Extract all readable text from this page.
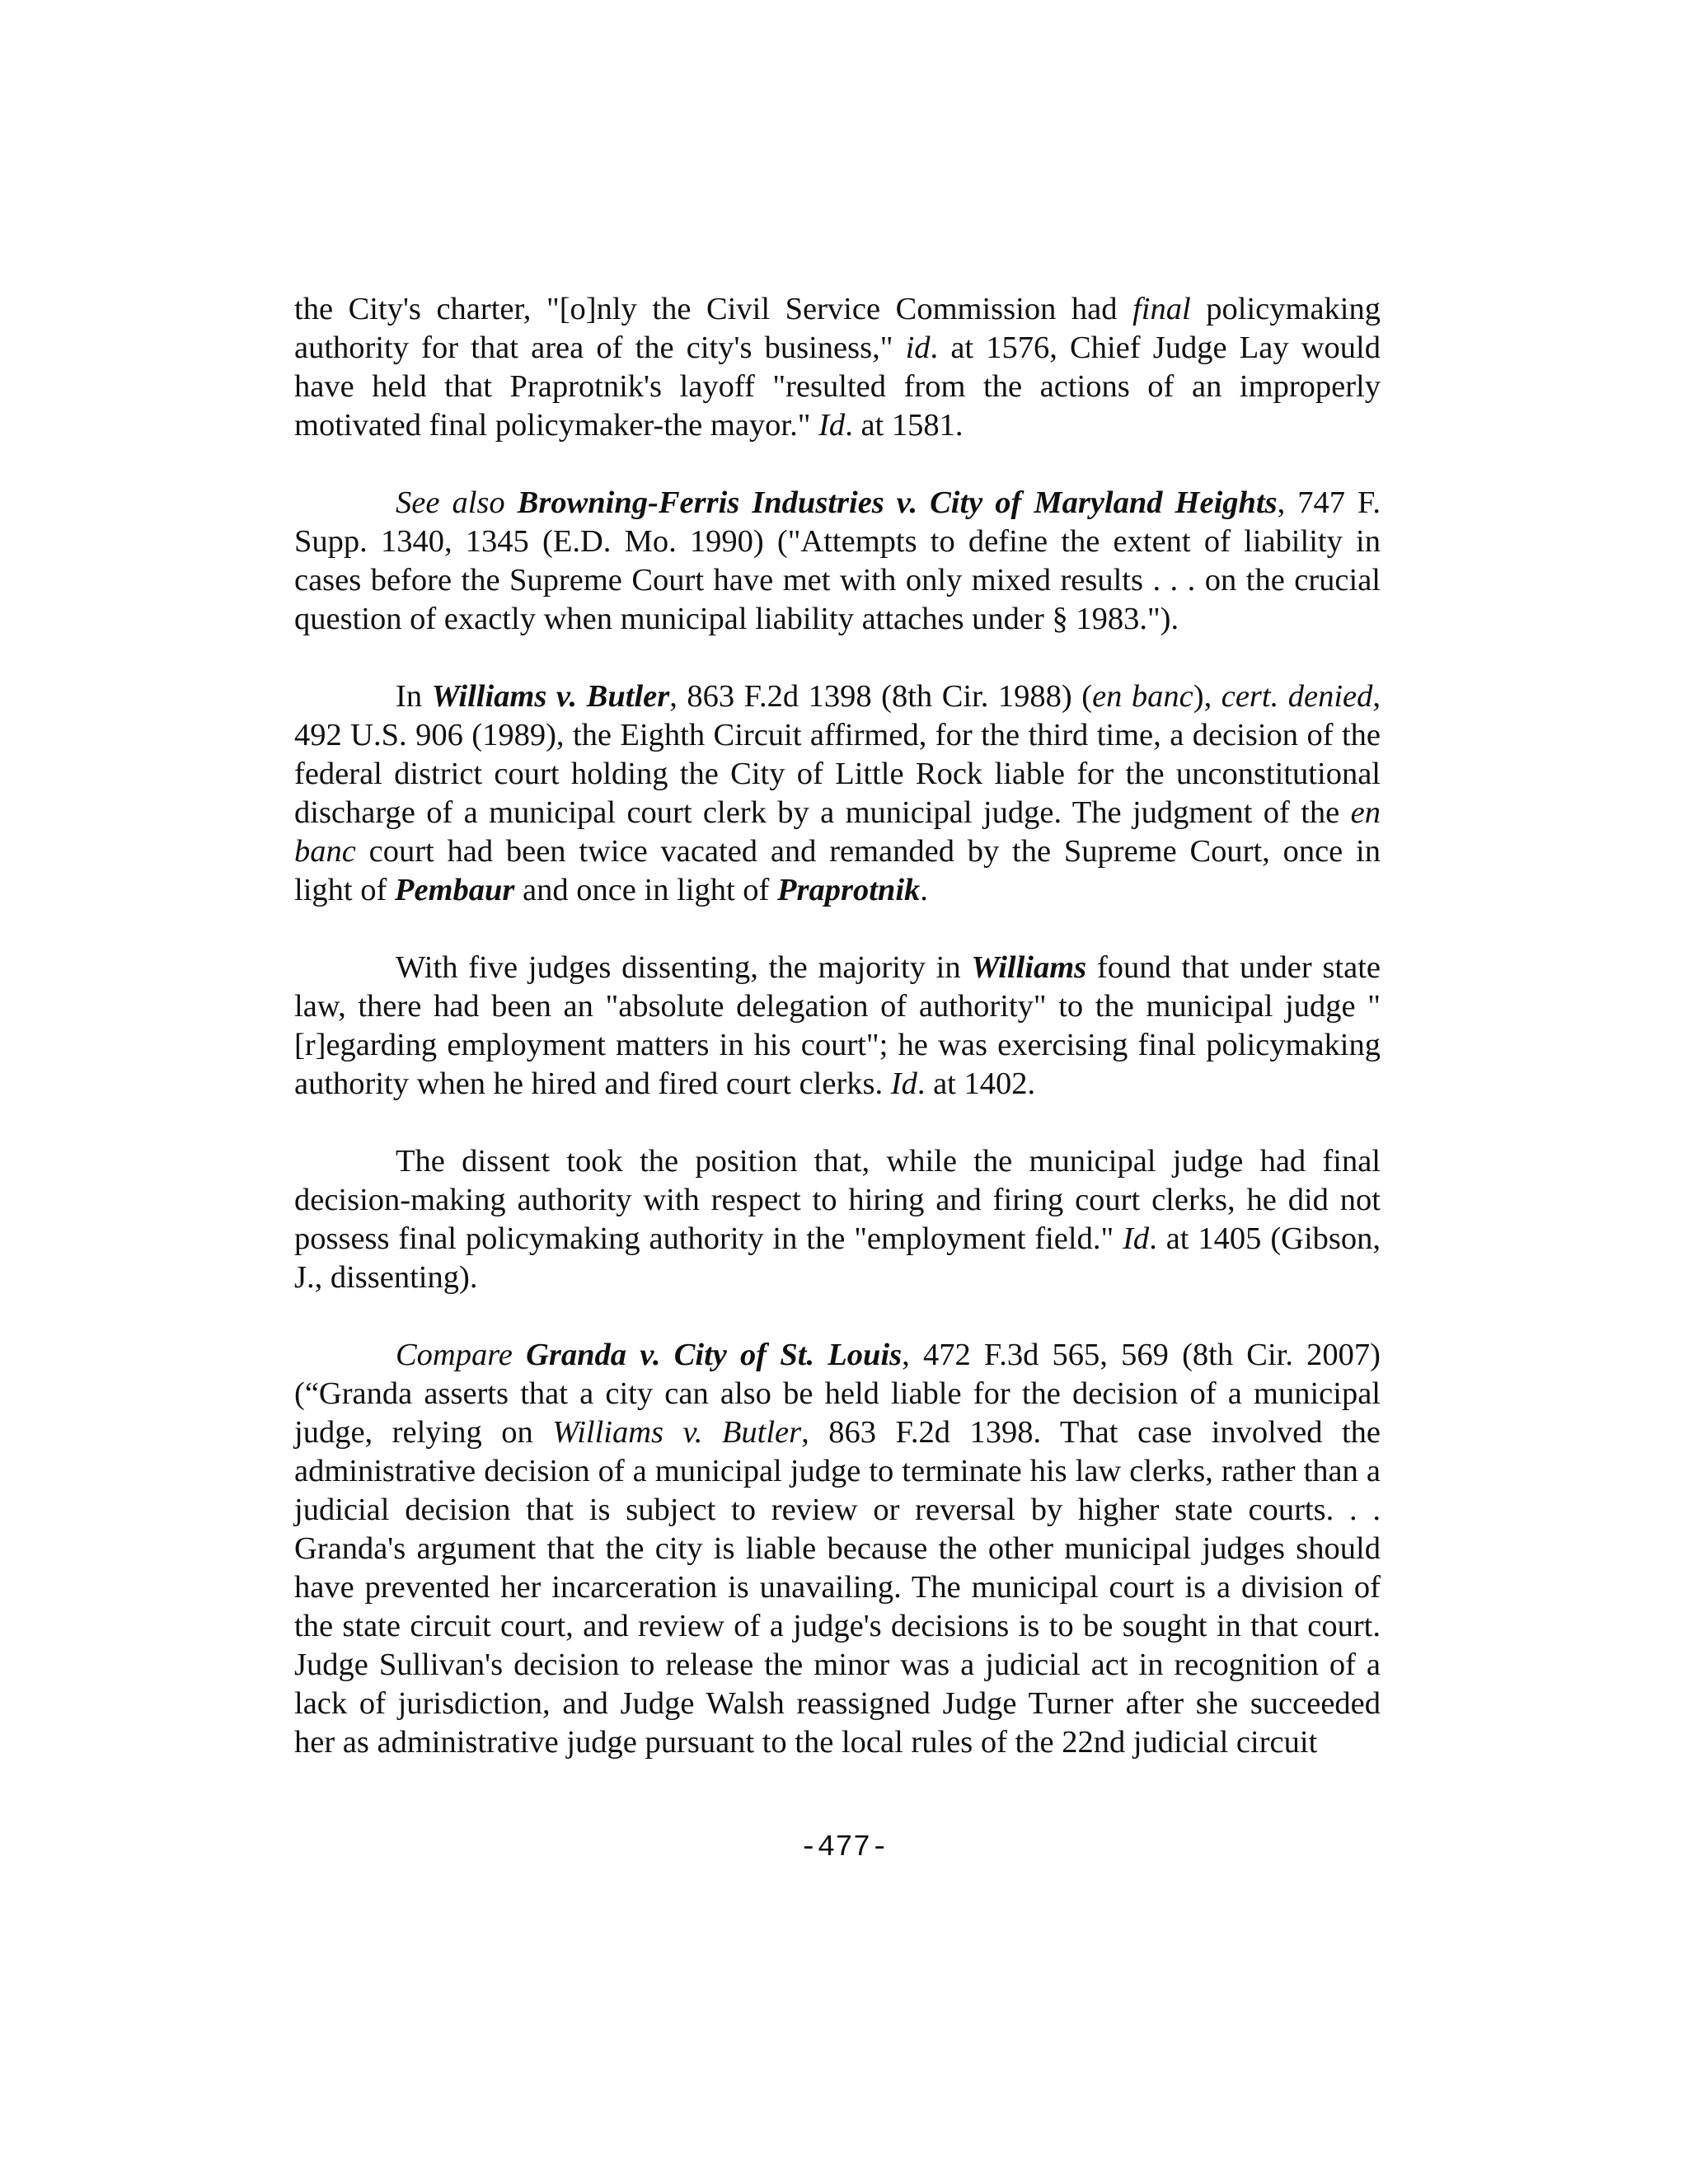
the City's charter, "[o]nly the Civil Service Commission had final policymaking authority for that area of the city's business," id. at 1576, Chief Judge Lay would have held that Praprotnik's layoff "resulted from the actions of an improperly motivated final policymaker-the mayor." Id. at 1581.

See also Browning-Ferris Industries v. City of Maryland Heights, 747 F. Supp. 1340, 1345 (E.D. Mo. 1990) ("Attempts to define the extent of liability in cases before the Supreme Court have met with only mixed results . . . on the crucial question of exactly when municipal liability attaches under § 1983.").

In Williams v. Butler, 863 F.2d 1398 (8th Cir. 1988) (en banc), cert. denied, 492 U.S. 906 (1989), the Eighth Circuit affirmed, for the third time, a decision of the federal district court holding the City of Little Rock liable for the unconstitutional discharge of a municipal court clerk by a municipal judge. The judgment of the en banc court had been twice vacated and remanded by the Supreme Court, once in light of Pembaur and once in light of Praprotnik.

With five judges dissenting, the majority in Williams found that under state law, there had been an "absolute delegation of authority" to the municipal judge "[r]egarding employment matters in his court"; he was exercising final policymaking authority when he hired and fired court clerks. Id. at 1402.

The dissent took the position that, while the municipal judge had final decision-making authority with respect to hiring and firing court clerks, he did not possess final policymaking authority in the "employment field." Id. at 1405 (Gibson, J., dissenting).

Compare Granda v. City of St. Louis, 472 F.3d 565, 569 (8th Cir. 2007) (“Granda asserts that a city can also be held liable for the decision of a municipal judge, relying on Williams v. Butler, 863 F.2d 1398. That case involved the administrative decision of a municipal judge to terminate his law clerks, rather than a judicial decision that is subject to review or reversal by higher state courts. . . Granda's argument that the city is liable because the other municipal judges should have prevented her incarceration is unavailing. The municipal court is a division of the state circuit court, and review of a judge's decisions is to be sought in that court. Judge Sullivan's decision to release the minor was a judicial act in recognition of a lack of jurisdiction, and Judge Walsh reassigned Judge Turner after she succeeded her as administrative judge pursuant to the local rules of the 22nd judicial circuit

-477-
